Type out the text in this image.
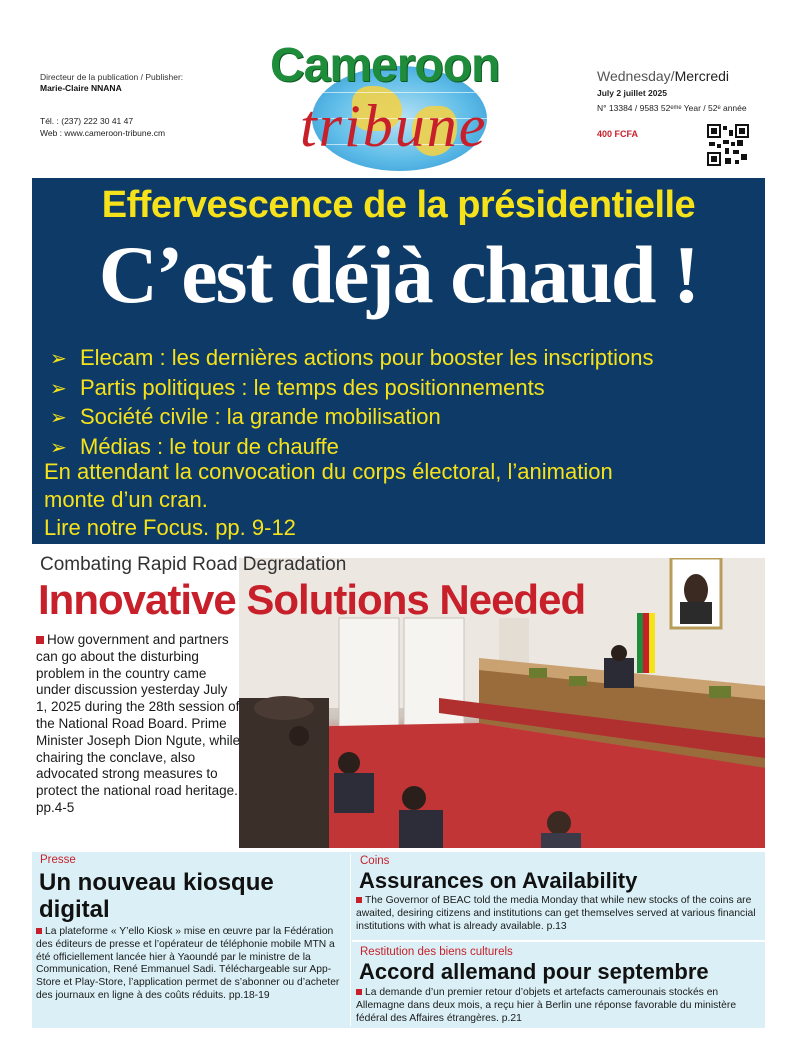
Directeur de la publication / Publisher:
Marie-Claire NNANA
Tél. : (237) 222 30 41 47
Web : www.cameroon-tribune.cm
Cameroon
tribune
Wednesday/Mercredi
July 2 juillet 2025
N° 13384 / 9583 52ᵉᵐᵉ Year / 52ᵉ année
400 FCFA
Effervescence de la présidentielle
C’est déjà chaud !
➢ Elecam : les dernières actions pour booster les inscriptions
➢ Partis politiques : le temps des positionnements
➢ Société civile : la grande mobilisation
➢ Médias : le tour de chauffe
En attendant la convocation du corps électoral, l’animation
monte d’un cran.
Lire notre Focus. pp. 9-12
Combating Rapid Road Degradation
Innovative Solutions Needed
How government and partners can go about the disturbing problem in the country came under discussion yesterday July 1, 2025 during the 28th session of the National Road Board. Prime Minister Joseph Dion Ngute, while chairing the conclave, also advocated strong measures to protect the national road heritage. pp.4-5
Presse
Un nouveau kiosque
digital
La plateforme « Y’ello Kiosk » mise en œuvre par la Fédération des éditeurs de presse et l’opérateur de téléphonie mobile MTN a été officiellement lancée hier à Yaoundé par le ministre de la Communication, René Emmanuel Sadi. Téléchargeable sur App-Store et Play-Store, l’application permet de s’abonner ou d’acheter des journaux en ligne à des coûts réduits. pp.18-19
Coins
Assurances on Availability
The Governor of BEAC told the media Monday that while new stocks of the coins are awaited, desiring citizens and institutions can get themselves served at various financial institutions with what is already available. p.13
Restitution des biens culturels
Accord allemand pour septembre
La demande d’un premier retour d’objets et artefacts camerounais stockés en Allemagne dans deux mois, a reçu hier à Berlin une réponse favorable du ministère fédéral des Affaires étrangères. p.21
